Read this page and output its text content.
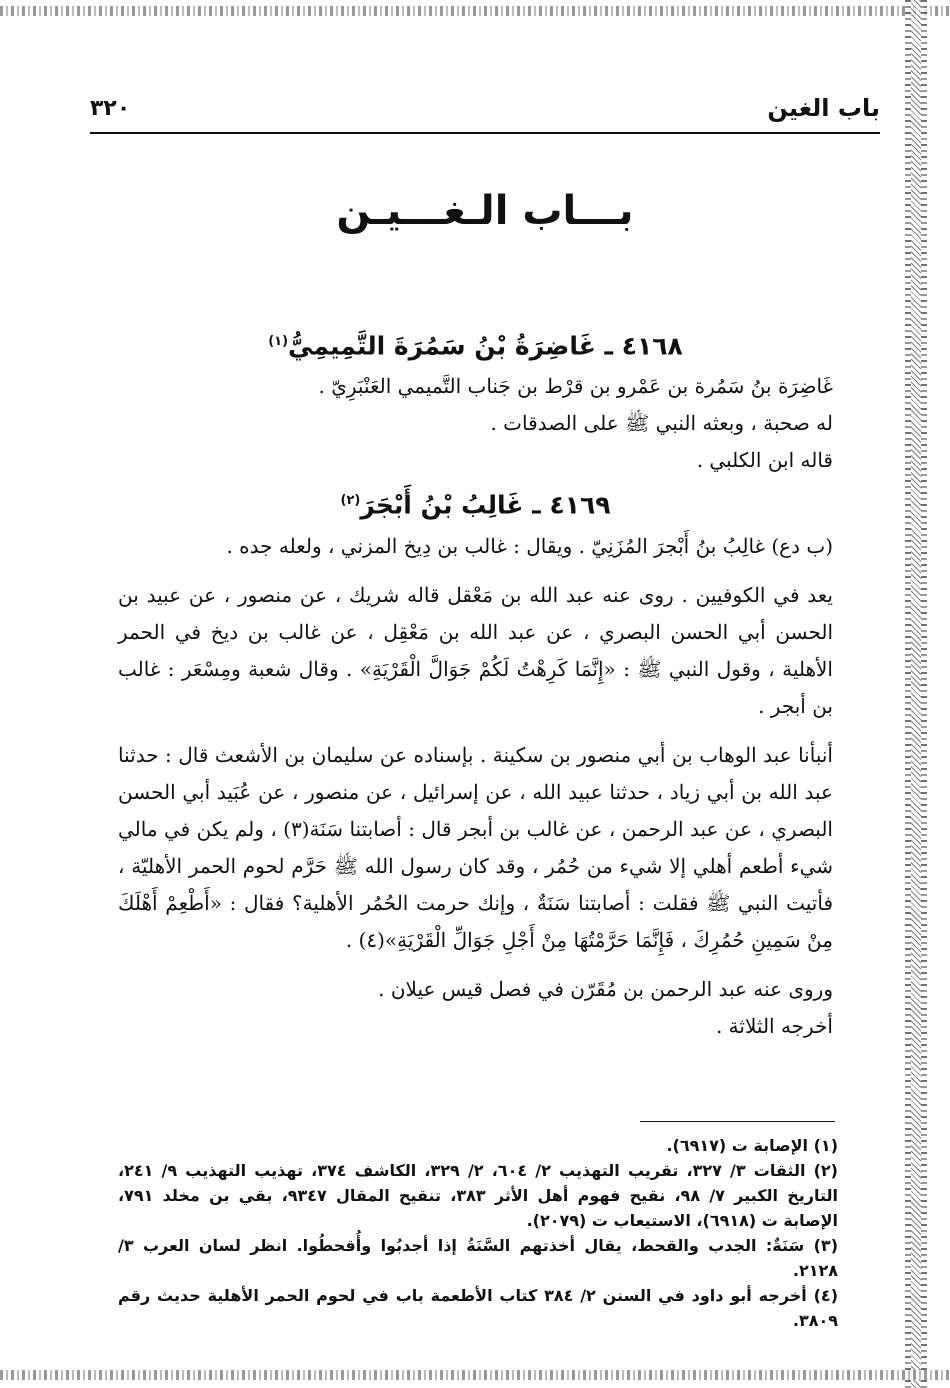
٣٢٠	باب الغين
بـــاب الـغـــيـن
٤١٦٨ ـ غَاضِرَةُ بْنُ سَمُرَةَ التَّمِيمِيُّ$^{(١)}$

غَاضِرَة بنُ سَمُرة بن عَمْرو بن قرْط بن جَناب التَّميمي العَنْبَرِيّ .

له صحبة ، وبعثه النبي ﷺ على الصدقات .

قاله ابن الكلبي .

٤١٦٩ ـ غَالِبُ بْنُ أَبْجَرَ$^{(٢)}$

(ب دع) غالِبُ بنُ أَبْجرَ المُزَنِيّ . ويقال : غالب بن دِيخ المزني ، ولعله جده .

يعد في الكوفيين . روى عنه عبد الله بن مَعْقل قاله شريك ، عن منصور ، عن عبيد بن الحسن أبي الحسن البصري ، عن عبد الله بن مَعْقِل ، عن غالب بن ديخ في الحمر الأهلية ، وقول النبي ﷺ : «إِنَّمَا كَرِهْتُ لَكُمْ جَوَالَّ الْقَرْيَةِ» . وقال شعبة ومِسْعَر : غالب بن أبجر .

أنبأنا عبد الوهاب بن أبي منصور بن سكينة . بإسناده عن سليمان بن الأشعث قال : حدثنا عبد الله بن أبي زياد ، حدثنا عبيد الله ، عن إسرائيل ، عن منصور ، عن عُبَيد أبي الحسن البصري ، عن عبد الرحمن ، عن غالب بن أبجر قال : أصابتنا سَنَة(٣) ، ولم يكن في مالي شيء أطعم أهلي إلا شيء من حُمُر ، وقد كان رسول الله ﷺ حَرَّم لحوم الحمر الأهليّة ، فأتيت النبي ﷺ فقلت : أصابتنا سَنَةٌ ، وإنك حرمت الحُمُر الأهلية؟ فقال : «أَطْعِمْ أَهْلَكَ مِنْ سَمِينِ حُمُرِكَ ، فَإِنَّمَا حَرَّمْتُهَا مِنْ أَجْلِ جَوَالِّ الْقَرْيَةِ»(٤) .

وروى عنه عبد الرحمن بن مُقَرّن في فصل قيس عيلان .

أخرجه الثلاثة .

(١) الإصابة ت (٦٩١٧).

(٢) الثقات ٣/ ٣٢٧، تقريب التهذيب ٢/ ٦٠٤، ٢/ ٣٢٩، الكاشف ٣٧٤، تهذيب التهذيب ٩/ ٢٤١، التاريخ الكبير ٧/ ٩٨، نقيح فهوم أهل الأثر ٣٨٣، تنقيح المقال ٩٣٤٧، بقي بن مخلد ٧٩١، الإصابة ت (٦٩١٨)، الاستيعاب ت (٢٠٧٩).

(٣) سَنَةٌ: الجدب والقحط، يقال أخذتهم السَّنَةُ إذا أجدبُوا وأُقحطُوا. انظر لسان العرب ٣/ ٢١٢٨.

(٤) أخرجه أبو داود في السنن ٢/ ٣٨٤ كتاب الأطعمة باب في لحوم الحمر الأهلية حديث رقم ٣٨٠٩.
